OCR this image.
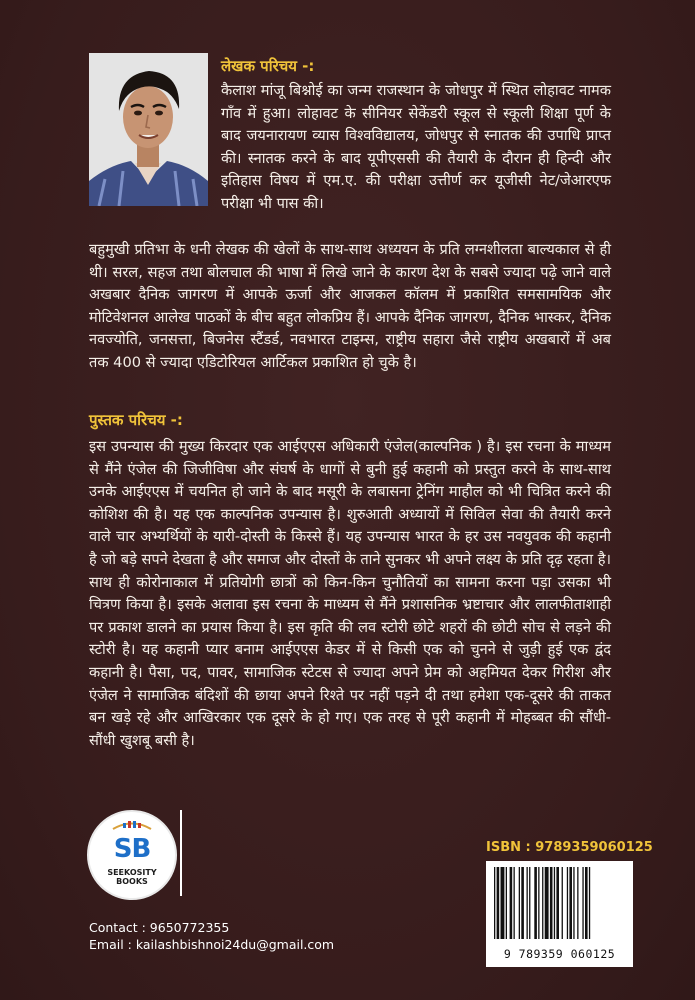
लेखक परिचय -:

कैलाश मांजू बिश्नोई का जन्म राजस्थान के जोधपुर में स्थित लोहावट नामक गाँव में हुआ। लोहावट के सीनियर सेकेंडरी स्कूल से स्कूली शिक्षा पूर्ण के बाद जयनारायण व्यास विश्वविद्यालय, जोधपुर से स्नातक की उपाधि प्राप्त की। स्नातक करने के बाद यूपीएससी की तैयारी के दौरान ही हिन्दी और इतिहास विषय में एम.ए. की परीक्षा उत्तीर्ण कर यूजीसी नेट/जेआरएफ परीक्षा भी पास की।

बहुमुखी प्रतिभा के धनी लेखक की खेलों के साथ-साथ अध्ययन के प्रति लग्नशीलता बाल्यकाल से ही थी। सरल, सहज तथा बोलचाल की भाषा में लिखे जाने के कारण देश के सबसे ज्यादा पढ़े जाने वाले अखबार दैनिक जागरण में आपके ऊर्जा और आजकल कॉलम में प्रकाशित समसामयिक और मोटिवेशनल आलेख पाठकों के बीच बहुत लोकप्रिय हैं। आपके दैनिक जागरण, दैनिक भास्कर, दैनिक नवज्योति, जनसत्ता, बिजनेस स्टैंडर्ड, नवभारत टाइम्स, राष्ट्रीय सहारा जैसे राष्ट्रीय अखबारों में अब तक 400 से ज्यादा एडिटोरियल आर्टिकल प्रकाशित हो चुके है।

पुस्तक परिचय -:

इस उपन्यास की मुख्य किरदार एक आईएएस अधिकारी एंजेल(काल्पनिक ) है। इस रचना के माध्यम से मैंने एंजेल की जिजीविषा और संघर्ष के धागों से बुनी हुई कहानी को प्रस्तुत करने के साथ-साथ उनके आईएएस में चयनित हो जाने के बाद मसूरी के लबासना ट्रेनिंग माहौल को भी चित्रित करने की कोशिश की है। यह एक काल्पनिक उपन्यास है। शुरुआती अध्यायों में सिविल सेवा की तैयारी करने वाले चार अभ्यर्थियों के यारी-दोस्ती के किस्से हैं। यह उपन्यास भारत के हर उस नवयुवक की कहानी है जो बड़े सपने देखता है और समाज और दोस्तों के ताने सुनकर भी अपने लक्ष्य के प्रति दृढ़ रहता है। साथ ही कोरोनाकाल में प्रतियोगी छात्रों को किन-किन चुनौतियों का सामना करना पड़ा उसका भी चित्रण किया है। इसके अलावा इस रचना के माध्यम से मैंने प्रशासनिक भ्रष्टाचार और लालफीताशाही पर प्रकाश डालने का प्रयास किया है। इस कृति की लव स्टोरी छोटे शहरों की छोटी सोच से लड़ने की स्टोरी है। यह कहानी प्यार बनाम आईएएस केडर में से किसी एक को चुनने से जुड़ी हुई एक द्वंद कहानी है। पैसा, पद, पावर, सामाजिक स्टेटस से ज्यादा अपने प्रेम को अहमियत देकर गिरीश और एंजेल ने सामाजिक बंदिशों की छाया अपने रिश्ते पर नहीं पड़ने दी तथा हमेशा एक-दूसरे की ताकत बन खड़े रहे और आखिरकार एक दूसरे के हो गए। एक तरह से पूरी कहानी में मोहब्बत की सौंधी-सौंधी खुशबू बसी है।

SB
SEEKOSITY
BOOKS
Contact : 9650772355
Email : kailashbishnoi24du@gmail.com
ISBN : 9789359060125
9 789359 060125
